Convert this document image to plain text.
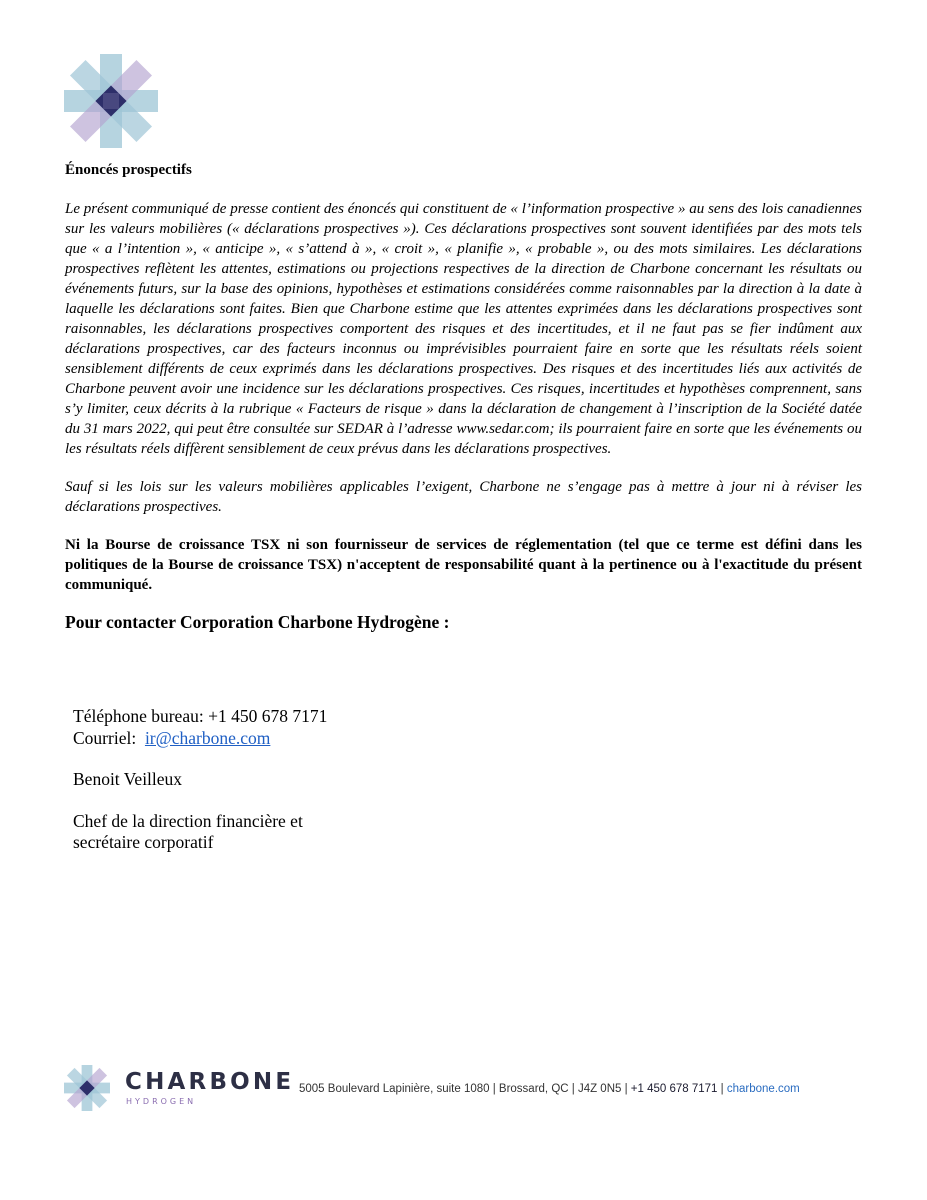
Énoncés prospectifs

Le présent communiqué de presse contient des énoncés qui constituent de « l’information prospective » au sens des lois canadiennes sur les valeurs mobilières (« déclarations prospectives »). Ces déclarations prospectives sont souvent identifiées par des mots tels que « a l’intention », « anticipe », « s’attend à », « croit », « planifie », « probable », ou des mots similaires. Les déclarations prospectives reflètent les attentes, estimations ou projections respectives de la direction de Charbone concernant les résultats ou événements futurs, sur la base des opinions, hypothèses et estimations considérées comme raisonnables par la direction à la date à laquelle les déclarations sont faites. Bien que Charbone estime que les attentes exprimées dans les déclarations prospectives sont raisonnables, les déclarations prospectives comportent des risques et des incertitudes, et il ne faut pas se fier indûment aux déclarations prospectives, car des facteurs inconnus ou imprévisibles pourraient faire en sorte que les résultats réels soient sensiblement différents de ceux exprimés dans les déclarations prospectives. Des risques et des incertitudes liés aux activités de Charbone peuvent avoir une incidence sur les déclarations prospectives. Ces risques, incertitudes et hypothèses comprennent, sans s’y limiter, ceux décrits à la rubrique « Facteurs de risque » dans la déclaration de changement à l’inscription de la Société datée du 31 mars 2022, qui peut être consultée sur SEDAR à l’adresse www.sedar.com; ils pourraient faire en sorte que les événements ou les résultats réels diffèrent sensiblement de ceux prévus dans les déclarations prospectives.

Sauf si les lois sur les valeurs mobilières applicables l’exigent, Charbone ne s’engage pas à mettre à jour ni à réviser les déclarations prospectives.

Ni la Bourse de croissance TSX ni son fournisseur de services de réglementation (tel que ce terme est défini dans les politiques de la Bourse de croissance TSX) n'acceptent de responsabilité quant à la pertinence ou à l'exactitude du présent communiqué.

Pour contacter Corporation Charbone Hydrogène :

Téléphone bureau: +1 450 678 7171

Courriel: ir@charbone.com

Benoit Veilleux

Chef de la direction financière et

secrétaire corporatif

CHARBONE
HYDROGEN
5005 Boulevard Lapinière, suite 1080 | Brossard, QC | J4Z 0N5 | +1 450 678 7171 | charbone.com
